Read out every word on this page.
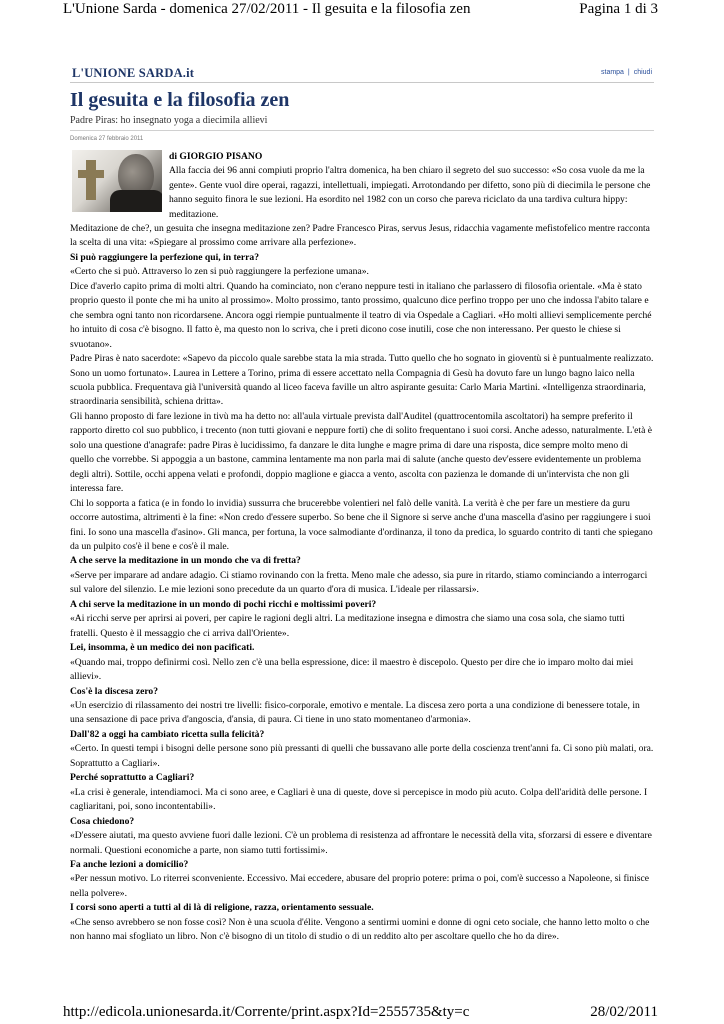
L'Unione Sarda - domenica 27/02/2011 - Il gesuita e la filosofia zen	Pagina 1 di 3
L'UNIONE SARDA.it	stampa | chiudi
Il gesuita e la filosofia zen
Padre Piras: ho insegnato yoga a diecimila allievi
Domenica 27 febbraio 2011
di GIORGIO PISANO
Alla faccia dei 96 anni compiuti proprio l'altra domenica, ha ben chiaro il segreto del suo successo: «So cosa vuole da me la gente». Gente vuol dire operai, ragazzi, intellettuali, impiegati. Arrotondando per difetto, sono più di diecimila le persone che hanno seguito finora le sue lezioni. Ha esordito nel 1982 con un corso che pareva riciclato da una tardiva cultura hippy: meditazione.

Meditazione de che?, un gesuita che insegna meditazione zen? Padre Francesco Piras, servus Jesus, ridacchia vagamente mefistofelico mentre racconta la scelta di una vita: «Spiegare al prossimo come arrivare alla perfezione».

Si può raggiungere la perfezione qui, in terra?

«Certo che si può. Attraverso lo zen si può raggiungere la perfezione umana».

Dice d'averlo capito prima di molti altri. Quando ha cominciato, non c'erano neppure testi in italiano che parlassero di filosofia orientale. «Ma è stato proprio questo il ponte che mi ha unito al prossimo». Molto prossimo, tanto prossimo, qualcuno dice perfino troppo per uno che indossa l'abito talare e che sembra ogni tanto non ricordarsene. Ancora oggi riempie puntualmente il teatro di via Ospedale a Cagliari. «Ho molti allievi semplicemente perché ho intuito di cosa c'è bisogno. Il fatto è, ma questo non lo scriva, che i preti dicono cose inutili, cose che non interessano. Per questo le chiese si svuotano».

Padre Piras è nato sacerdote: «Sapevo da piccolo quale sarebbe stata la mia strada. Tutto quello che ho sognato in gioventù si è puntualmente realizzato. Sono un uomo fortunato». Laurea in Lettere a Torino, prima di essere accettato nella Compagnia di Gesù ha dovuto fare un lungo bagno laico nella scuola pubblica. Frequentava già l'università quando al liceo faceva faville un altro aspirante gesuita: Carlo Maria Martini. «Intelligenza straordinaria, straordinaria sensibilità, schiena dritta».

Gli hanno proposto di fare lezione in tivù ma ha detto no: all'aula virtuale prevista dall'Auditel (quattrocentomila ascoltatori) ha sempre preferito il rapporto diretto col suo pubblico, i trecento (non tutti giovani e neppure forti) che di solito frequentano i suoi corsi. Anche adesso, naturalmente. L'età è solo una questione d'anagrafe: padre Piras è lucidissimo, fa danzare le dita lunghe e magre prima di dare una risposta, dice sempre molto meno di quello che vorrebbe. Si appoggia a un bastone, cammina lentamente ma non parla mai di salute (anche questo dev'essere evidentemente un problema degli altri). Sottile, occhi appena velati e profondi, doppio maglione e giacca a vento, ascolta con pazienza le domande di un'intervista che non gli interessa fare.

Chi lo sopporta a fatica (e in fondo lo invidia) sussurra che brucerebbe volentieri nel falò delle vanità. La verità è che per fare un mestiere da guru occorre autostima, altrimenti è la fine: «Non credo d'essere superbo. So bene che il Signore si serve anche d'una mascella d'asino per raggiungere i suoi fini. Io sono una mascella d'asino». Gli manca, per fortuna, la voce salmodiante d'ordinanza, il tono da predica, lo sguardo contrito di tanti che spiegano da un pulpito cos'è il bene e cos'è il male.

A che serve la meditazione in un mondo che va di fretta?

«Serve per imparare ad andare adagio. Ci stiamo rovinando con la fretta. Meno male che adesso, sia pure in ritardo, stiamo cominciando a interrogarci sul valore del silenzio. Le mie lezioni sono precedute da un quarto d'ora di musica. L'ideale per rilassarsi».

A chi serve la meditazione in un mondo di pochi ricchi e moltissimi poveri?

«Ai ricchi serve per aprirsi ai poveri, per capire le ragioni degli altri. La meditazione insegna e dimostra che siamo una cosa sola, che siamo tutti fratelli. Questo è il messaggio che ci arriva dall'Oriente».

Lei, insomma, è un medico dei non pacificati.

«Quando mai, troppo definirmi così. Nello zen c'è una bella espressione, dice: il maestro è discepolo. Questo per dire che io imparo molto dai miei allievi».

Cos'è la discesa zero?

«Un esercizio di rilassamento dei nostri tre livelli: fisico-corporale, emotivo e mentale. La discesa zero porta a una condizione di benessere totale, in una sensazione di pace priva d'angoscia, d'ansia, di paura. Ci tiene in uno stato momentaneo d'armonia».

Dall'82 a oggi ha cambiato ricetta sulla felicità?

«Certo. In questi tempi i bisogni delle persone sono più pressanti di quelli che bussavano alle porte della coscienza trent'anni fa. Ci sono più malati, ora. Soprattutto a Cagliari».

Perché soprattutto a Cagliari?

«La crisi è generale, intendiamoci. Ma ci sono aree, e Cagliari è una di queste, dove si percepisce in modo più acuto. Colpa dell'aridità delle persone. I cagliaritani, poi, sono incontentabili».

Cosa chiedono?

«D'essere aiutati, ma questo avviene fuori dalle lezioni. C'è un problema di resistenza ad affrontare le necessità della vita, sforzarsi di essere e diventare normali. Questioni economiche a parte, non siamo tutti fortissimi».

Fa anche lezioni a domicilio?

«Per nessun motivo. Lo riterrei sconveniente. Eccessivo. Mai eccedere, abusare del proprio potere: prima o poi, com'è successo a Napoleone, si finisce nella polvere».

I corsi sono aperti a tutti al di là di religione, razza, orientamento sessuale.

«Che senso avrebbero se non fosse così? Non è una scuola d'élite. Vengono a sentirmi uomini e donne di ogni ceto sociale, che hanno letto molto o che non hanno mai sfogliato un libro. Non c'è bisogno di un titolo di studio o di un reddito alto per ascoltare quello che ho da dire».

http://edicola.unionesarda.it/Corrente/print.aspx?Id=2555735&ty=c	28/02/2011
